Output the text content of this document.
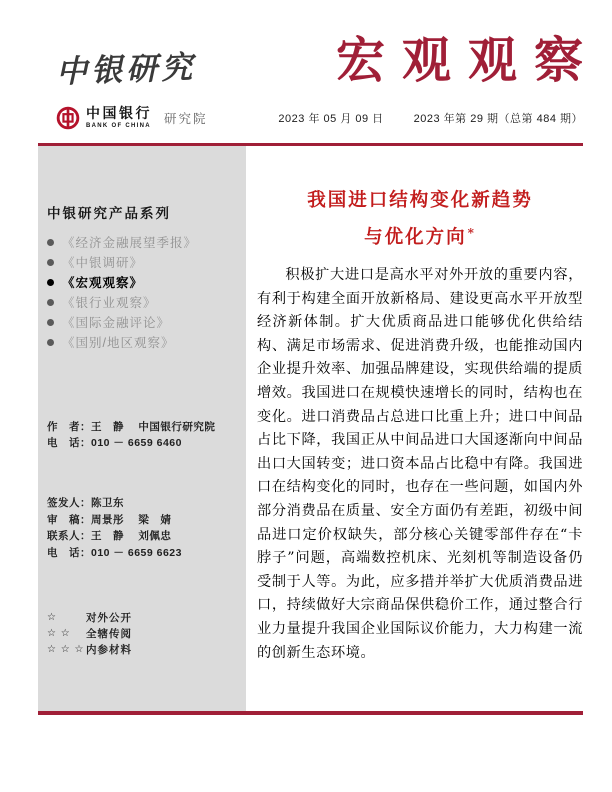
中银研究	宏观观察
中国银行
BANK OF CHINA 研究院	2023 年 05 月 09 日	2023 年第 29 期（总第 484 期）
中银研究产品系列
《经济金融展望季报》
《中银调研》
《宏观观察》
《银行业观察》
《国际金融评论》
《国别/地区观察》
作　者：王　静　 中国银行研究院
电　话：010 － 6659 6460
签发人：陈卫东
审　稿：周景彤　 梁　婧
联系人：王　静　 刘佩忠
电　话：010 － 6659 6623
☆	对外公开
☆ ☆	全辖传阅
☆ ☆ ☆ 内参材料
我国进口结构变化新趋势
与优化方向*

积极扩大进口是高水平对外开放的重要内容，有利于构建全面开放新格局、建设更高水平开放型经济新体制。扩大优质商品进口能够优化供给结构、满足市场需求、促进消费升级，也能推动国内企业提升效率、加强品牌建设，实现供给端的提质增效。我国进口在规模快速增长的同时，结构也在变化。进口消费品占总进口比重上升；进口中间品占比下降，我国正从中间品进口大国逐渐向中间品出口大国转变；进口资本品占比稳中有降。我国进口在结构变化的同时，也存在一些问题，如国内外部分消费品在质量、安全方面仍有差距，初级中间品进口定价权缺失，部分核心关键零部件存在“卡脖子”问题，高端数控机床、光刻机等制造设备仍受制于人等。为此，应多措并举扩大优质消费品进口，持续做好大宗商品保供稳价工作，通过整合行业力量提升我国企业国际议价能力，大力构建一流的创新生态环境。
